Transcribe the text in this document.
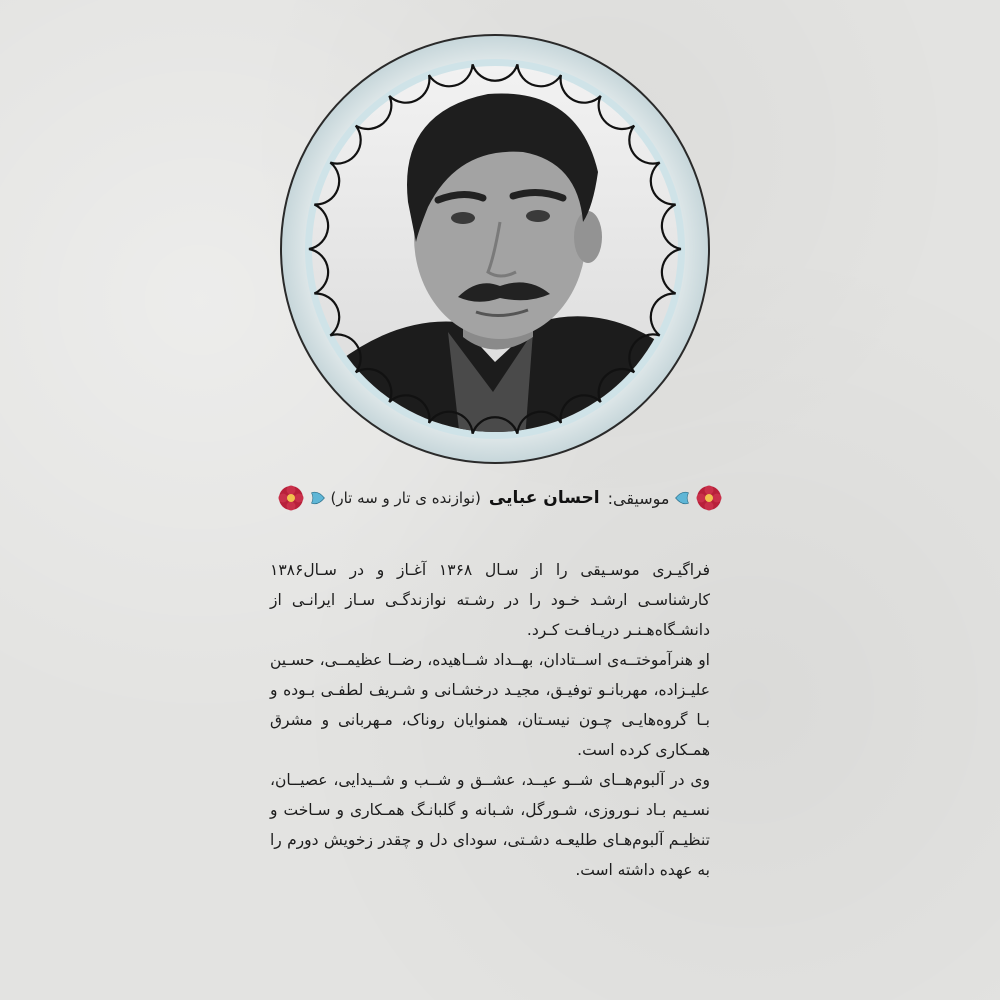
موسیقی:
احسان عبایی
(نوازنده ی تار و سه تار)

فراگیـری موسـیقی را از سـال ۱۳۶۸ آغـاز و در سـال۱۳۸۶ کارشناسـی ارشـد خـود را در رشـته نوازندگـی سـاز ایرانـی از دانشـگاه‌هـنـر دریـافـت کـرد.

او هنرآموختــه‌ی اســتادان، بهــداد شــاهیده، رضــا عظیمــی، حسـین علیـزاده، مهربانـو توفیـق، مجیـد درخشـانی و شـریف لطفـی بـوده و بـا گروه‌هایـی چـون نیسـتان، همنوایان روناک، مـهربانی و مشرق همـکاری کرده است.

وی در آلبوم‌هــای شــو عیــد، عشــق و شــب و شــیدایی، عصیــان، نسـیم بـاد نـوروزی، شـورگل، شـبانه و گلبانـگ همـکاری و سـاخت و تنظیـم آلبوم‌هـای طلیعـه دشـتی، سودای دل و چقدر زخویش دورم را به عهده داشته است.
